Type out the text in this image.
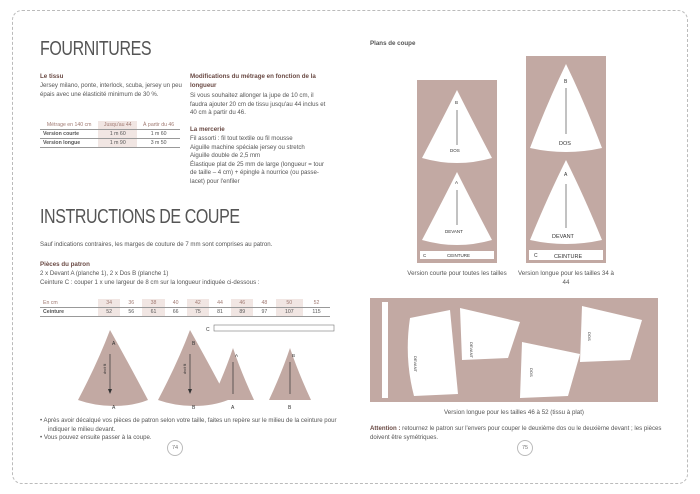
FOURNITURES
Le tissu
Jersey milano, ponte, interlock, scuba, jersey un peu épais avec une élasticité minimum de 30 %.
Métrage en 140 cm	Jusqu'au 44	À partir du 46
Version courte	1 m 60	1 m 60
Version longue	1 m 90	3 m 50
Modifications du métrage en fonction de la longueur
Si vous souhaitez allonger la jupe de 10 cm, il faudra ajouter 20 cm de tissu jusqu'au 44 inclus et 40 cm à partir du 46.
La mercerie
Fil assorti : fil tout textile ou fil mousse
Aiguille machine spéciale jersey ou stretch
Aiguille double de 2,5 mm
Élastique plat de 25 mm de large (longueur = tour de taille – 4 cm) + épingle à nourrice (ou passe-lacet) pour l'enfiler
INSTRUCTIONS DE COUPE
Sauf indications contraires, les marges de couture de 7 mm sont comprises au patron.
Pièces du patron
2 x Devant A (planche 1), 2 x Dos B (planche 1)
Ceinture C : couper 1 x une largeur de 8 cm sur la longueur indiquée ci-dessous :
En cm	34	36	38	40	42	44	46	48	50	52
Ceinture	52	56	61	66	75	81	89	97	107	115
A
droit fil
A
B
droit fil
B
C
A
A
B
B
• Après avoir décalqué vos pièces de patron selon votre taille, faites un repère sur le milieu de la ceinture pour indiquer le milieu devant.
• Vous pouvez ensuite passer à la coupe.
74
Plans de coupe
B
DOS
A
DEVANT
C	CEINTURE
B
DOS
A
DEVANT
C	CEINTURE
Version courte pour toutes les tailles	Version longue pour les tailles 34 à 44
DEVANT
DEVANT
DOS
DOS
Version longue pour les tailles 46 à 52 (tissu à plat)
Attention : retournez le patron sur l'envers pour couper le deuxième dos ou le deuxième devant ; les pièces doivent être symétriques.
75
